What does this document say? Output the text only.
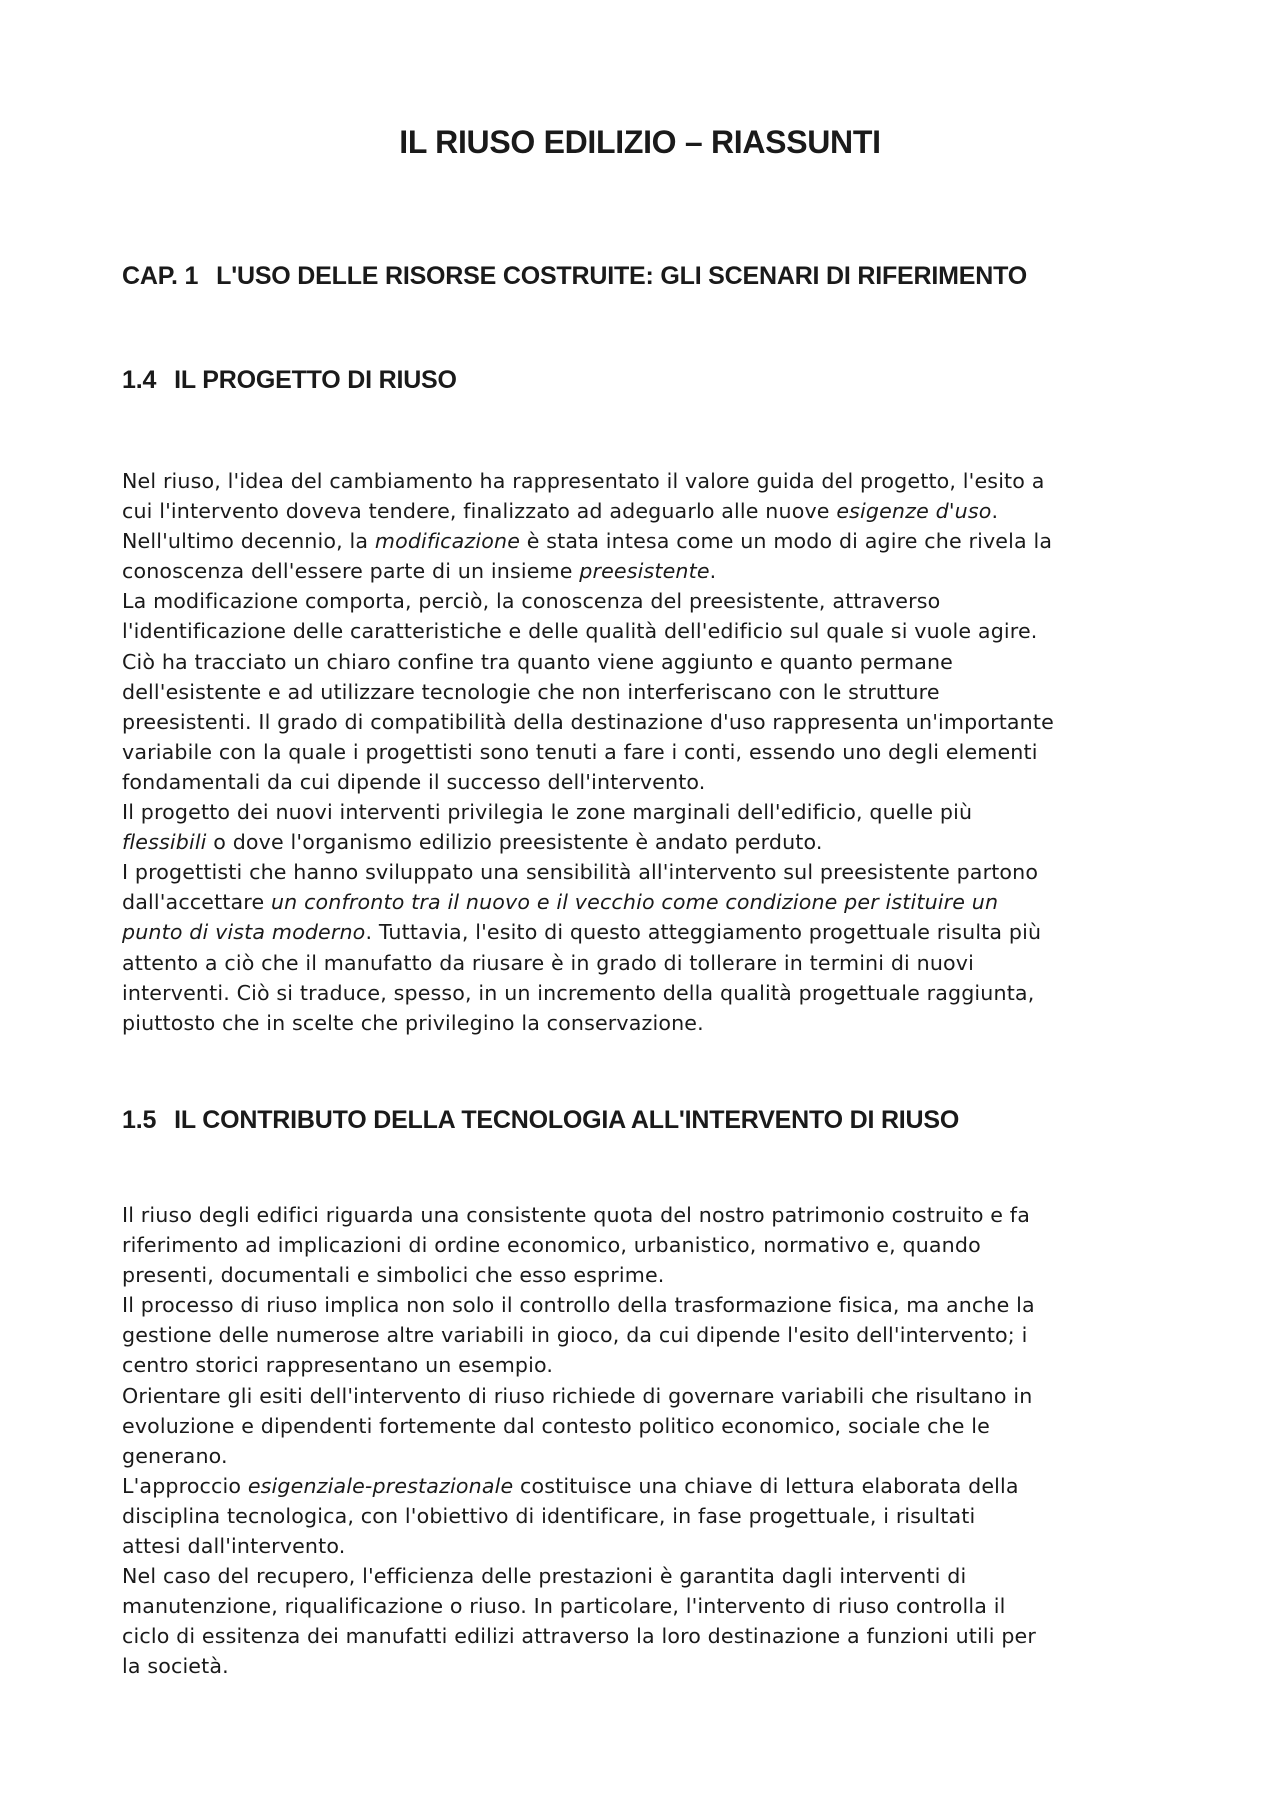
IL RIUSO EDILIZIO – RIASSUNTI
CAP. 1 L'USO DELLE RISORSE COSTRUITE: GLI SCENARI DI RIFERIMENTO
1.4 IL PROGETTO DI RIUSO
Nel riuso, l'idea del cambiamento ha rappresentato il valore guida del progetto, l'esito a
cui l'intervento doveva tendere, finalizzato ad adeguarlo alle nuove esigenze d'uso.
Nell'ultimo decennio, la modificazione è stata intesa come un modo di agire che rivela la
conoscenza dell'essere parte di un insieme preesistente.
La modificazione comporta, perciò, la conoscenza del preesistente, attraverso
l'identificazione delle caratteristiche e delle qualità dell'edificio sul quale si vuole agire.
Ciò ha tracciato un chiaro confine tra quanto viene aggiunto e quanto permane
dell'esistente e ad utilizzare tecnologie che non interferiscano con le strutture
preesistenti. Il grado di compatibilità della destinazione d'uso rappresenta un'importante
variabile con la quale i progettisti sono tenuti a fare i conti, essendo uno degli elementi
fondamentali da cui dipende il successo dell'intervento.
Il progetto dei nuovi interventi privilegia le zone marginali dell'edificio, quelle più
flessibili o dove l'organismo edilizio preesistente è andato perduto.
I progettisti che hanno sviluppato una sensibilità all'intervento sul preesistente partono
dall'accettare un confronto tra il nuovo e il vecchio come condizione per istituire un
punto di vista moderno. Tuttavia, l'esito di questo atteggiamento progettuale risulta più
attento a ciò che il manufatto da riusare è in grado di tollerare in termini di nuovi
interventi. Ciò si traduce, spesso, in un incremento della qualità progettuale raggiunta,
piuttosto che in scelte che privilegino la conservazione.
1.5 IL CONTRIBUTO DELLA TECNOLOGIA ALL'INTERVENTO DI RIUSO
Il riuso degli edifici riguarda una consistente quota del nostro patrimonio costruito e fa
riferimento ad implicazioni di ordine economico, urbanistico, normativo e, quando
presenti, documentali e simbolici che esso esprime.
Il processo di riuso implica non solo il controllo della trasformazione fisica, ma anche la
gestione delle numerose altre variabili in gioco, da cui dipende l'esito dell'intervento; i
centro storici rappresentano un esempio.
Orientare gli esiti dell'intervento di riuso richiede di governare variabili che risultano in
evoluzione e dipendenti fortemente dal contesto politico economico, sociale che le
generano.
L'approccio esigenziale-prestazionale costituisce una chiave di lettura elaborata della
disciplina tecnologica, con l'obiettivo di identificare, in fase progettuale, i risultati
attesi dall'intervento.
Nel caso del recupero, l'efficienza delle prestazioni è garantita dagli interventi di
manutenzione, riqualificazione o riuso. In particolare, l'intervento di riuso controlla il
ciclo di essitenza dei manufatti edilizi attraverso la loro destinazione a funzioni utili per
la società.
